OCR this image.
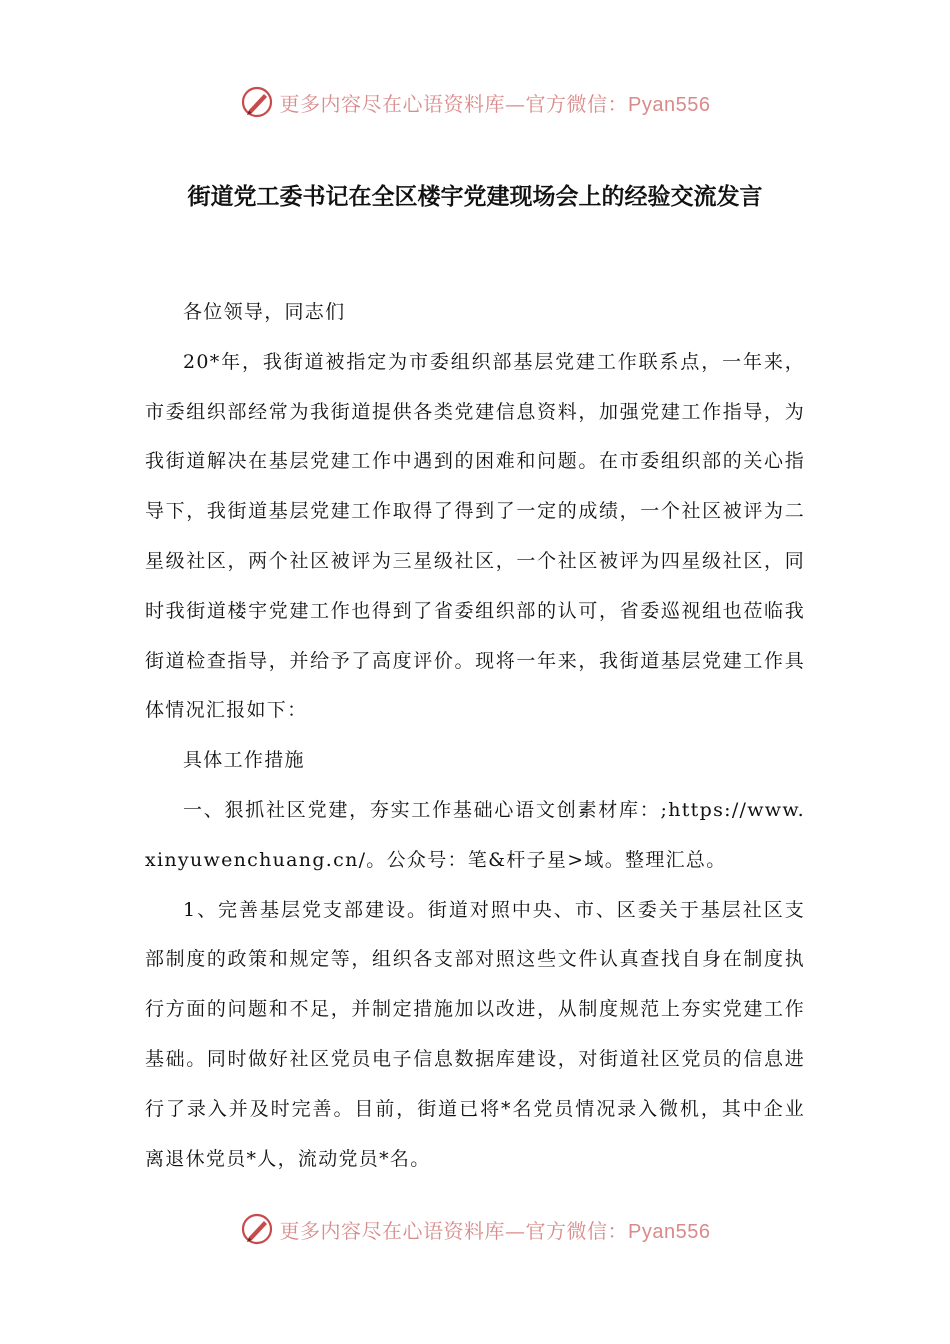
更多内容尽在心语资料库—官方微信：Pyan556
街道党工委书记在全区楼宇党建现场会上的经验交流发言

各位领导，同志们

20*年，我街道被指定为市委组织部基层党建工作联系点，一年来，市委组织部经常为我街道提供各类党建信息资料，加强党建工作指导，为我街道解决在基层党建工作中遇到的困难和问题。在市委组织部的关心指导下，我街道基层党建工作取得了得到了一定的成绩，一个社区被评为二星级社区，两个社区被评为三星级社区，一个社区被评为四星级社区，同时我街道楼宇党建工作也得到了省委组织部的认可，省委巡视组也莅临我街道检查指导，并给予了高度评价。现将一年来，我街道基层党建工作具体情况汇报如下：

具体工作措施

一、狠抓社区党建，夯实工作基础心语文创素材库：;https://www.xinyuwenchuang.cn/。公众号：笔&杆子星>域。整理汇总。

1、完善基层党支部建设。街道对照中央、市、区委关于基层社区支部制度的政策和规定等，组织各支部对照这些文件认真查找自身在制度执行方面的问题和不足，并制定措施加以改进，从制度规范上夯实党建工作基础。同时做好社区党员电子信息数据库建设，对街道社区党员的信息进行了录入并及时完善。目前，街道已将*名党员情况录入微机，其中企业离退休党员*人，流动党员*名。

更多内容尽在心语资料库—官方微信：Pyan556
